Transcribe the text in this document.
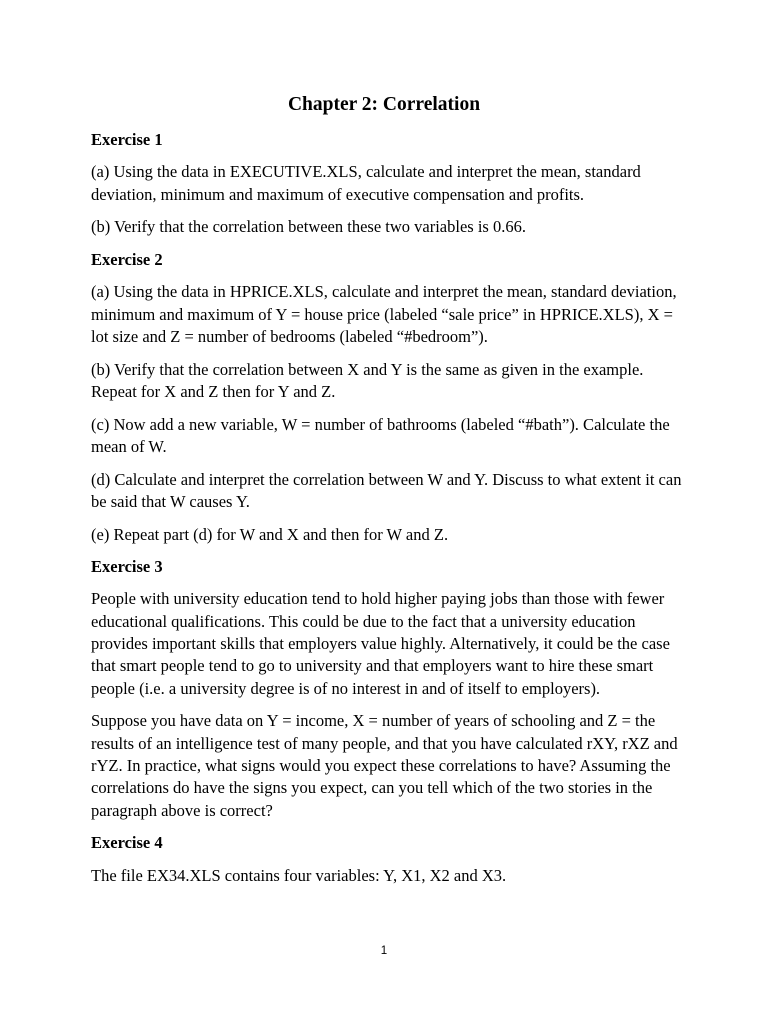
Chapter 2: Correlation
Exercise 1

(a) Using the data in EXECUTIVE.XLS, calculate and interpret the mean, standard deviation, minimum and maximum of executive compensation and profits.

(b) Verify that the correlation between these two variables is 0.66.

Exercise 2

(a) Using the data in HPRICE.XLS, calculate and interpret the mean, standard deviation, minimum and maximum of Y = house price (labeled “sale price” in HPRICE.XLS), X = lot size and Z = number of bedrooms (labeled “#bedroom”).

(b) Verify that the correlation between X and Y is the same as given in the example. Repeat for X and Z then for Y and Z.

(c) Now add a new variable, W = number of bathrooms (labeled “#bath”). Calculate the mean of W.

(d) Calculate and interpret the correlation between W and Y. Discuss to what extent it can be said that W causes Y.

(e) Repeat part (d) for W and X and then for W and Z.

Exercise 3

People with university education tend to hold higher paying jobs than those with fewer educational qualifications. This could be due to the fact that a university education provides important skills that employers value highly. Alternatively, it could be the case that smart people tend to go to university and that employers want to hire these smart people (i.e. a university degree is of no interest in and of itself to employers).

Suppose you have data on Y = income, X = number of years of schooling and Z = the results of an intelligence test of many people, and that you have calculated rXY, rXZ and rYZ. In practice, what signs would you expect these correlations to have? Assuming the correlations do have the signs you expect, can you tell which of the two stories in the paragraph above is correct?

Exercise 4

The file EX34.XLS contains four variables: Y, X1, X2 and X3.

1
